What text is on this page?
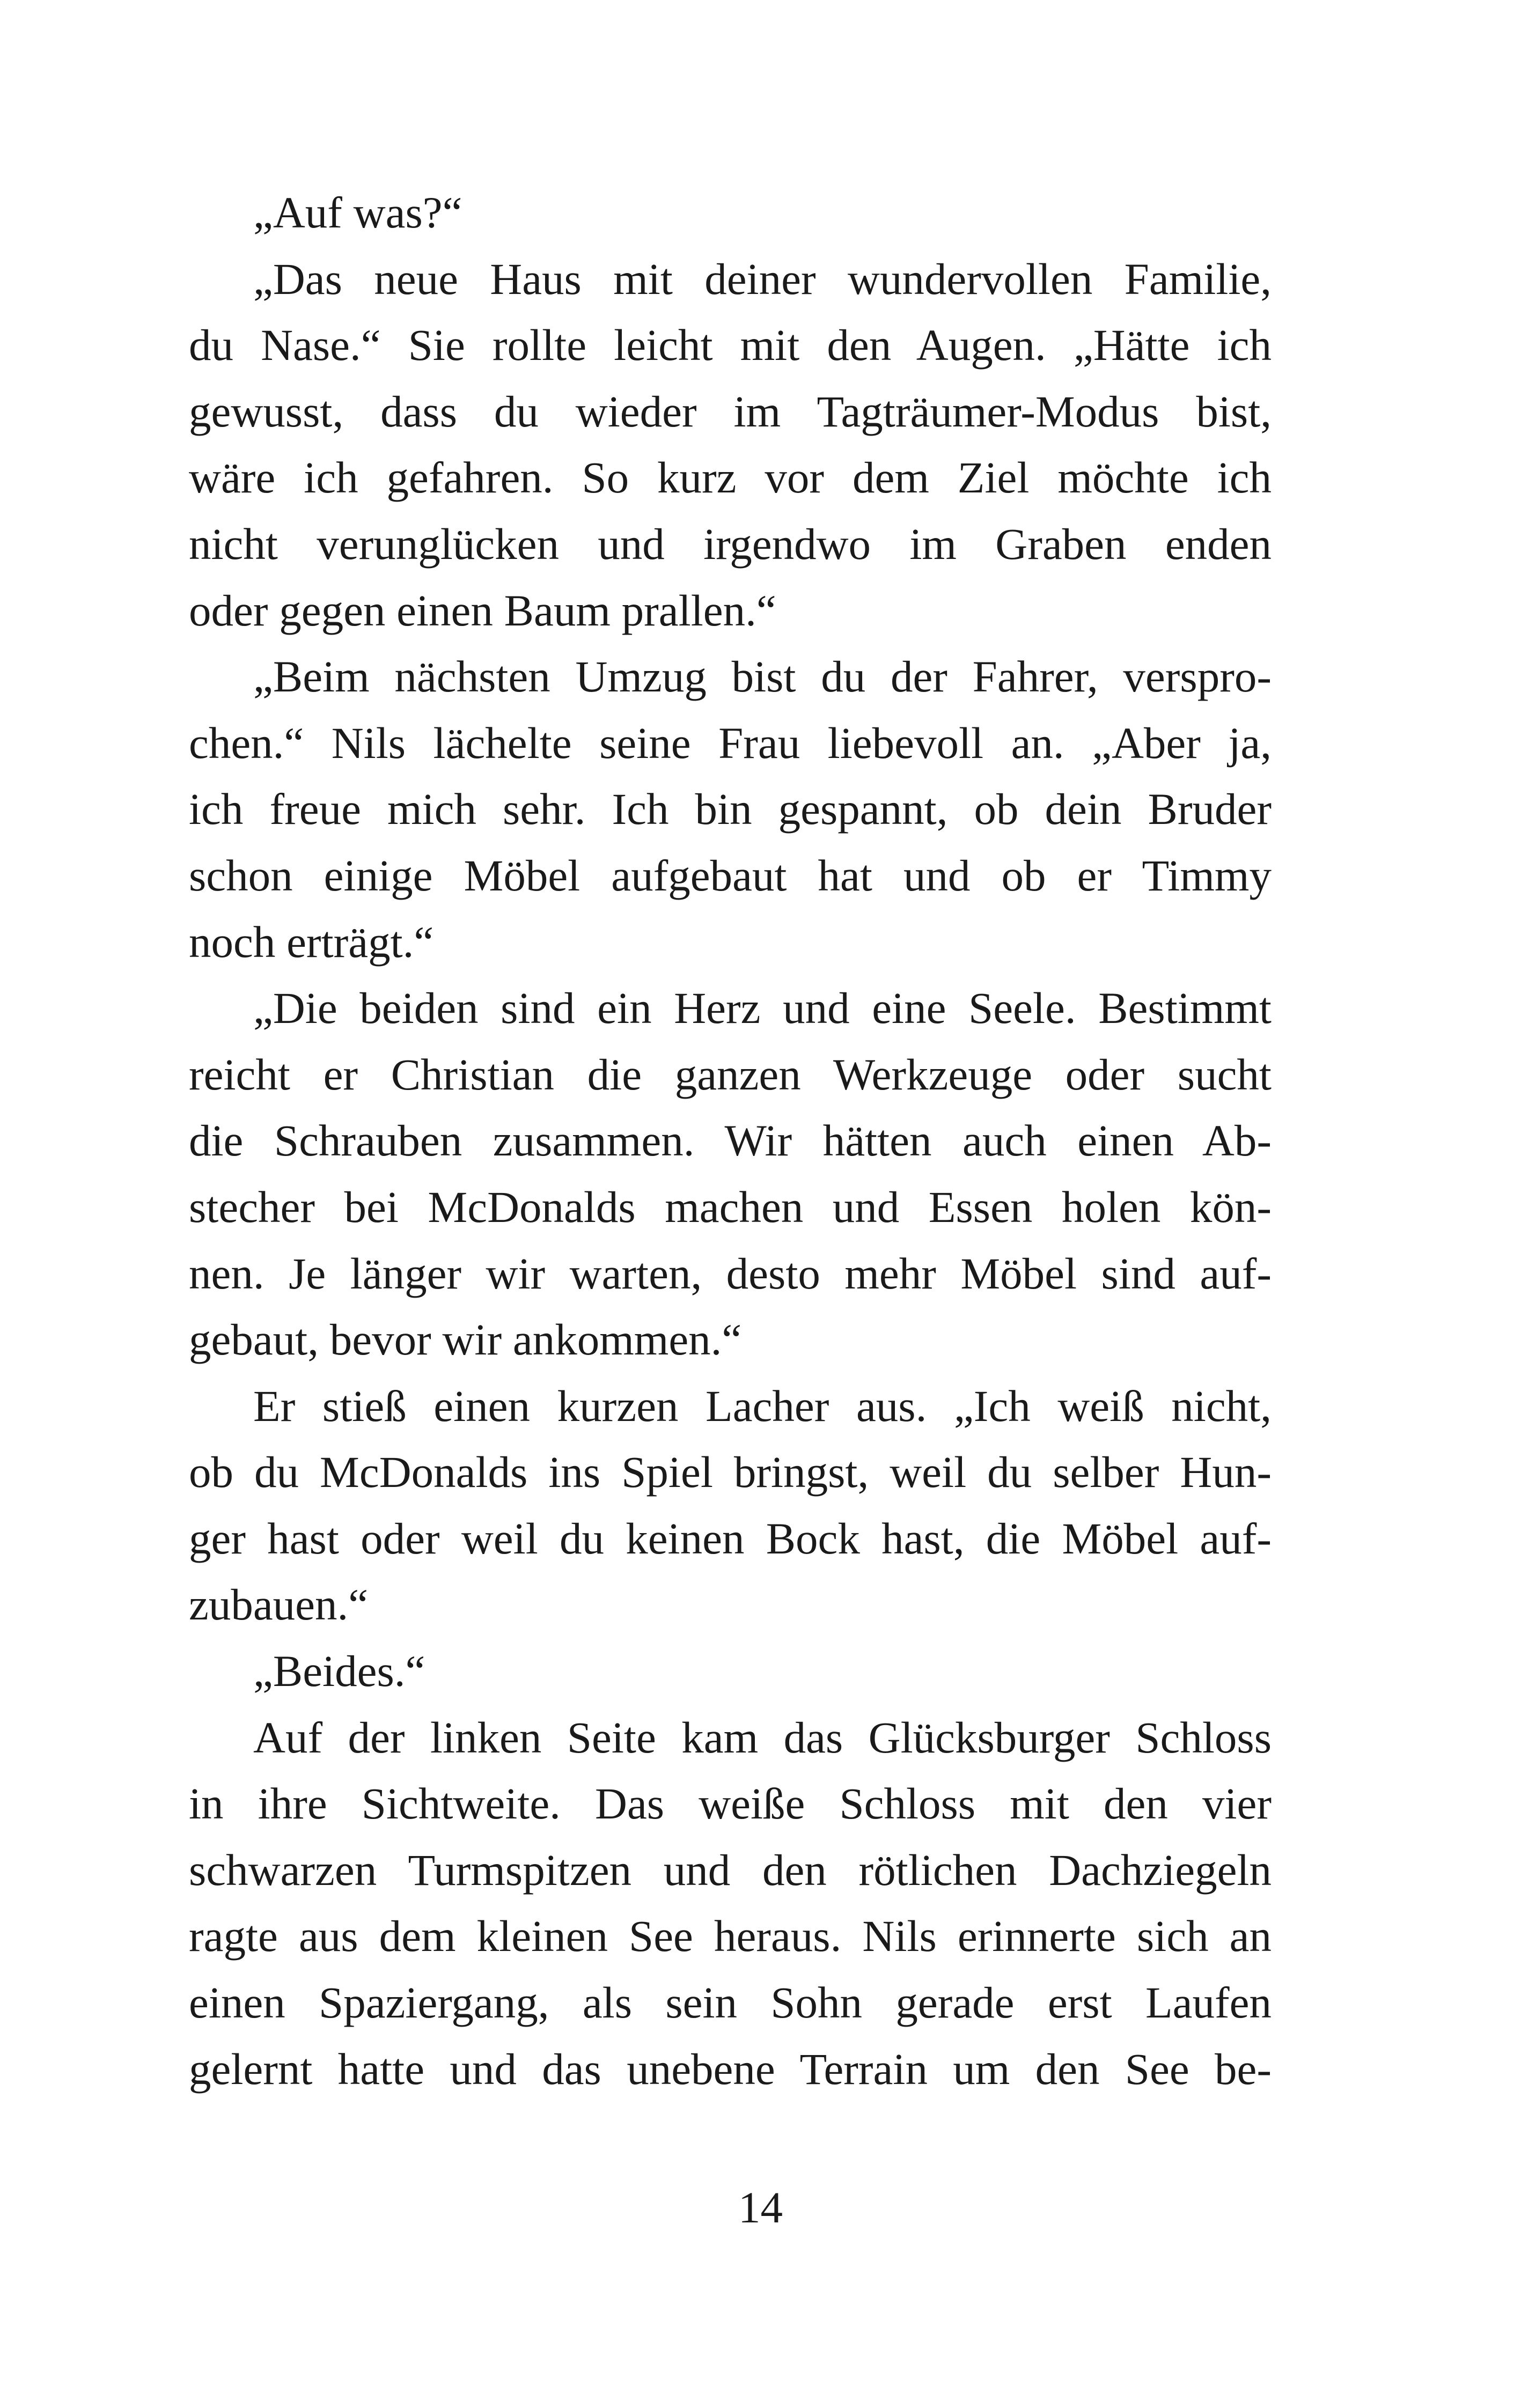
„Auf was?“
„Das neue Haus mit deiner wundervollen Familie,
du Nase.“ Sie rollte leicht mit den Augen. „Hätte ich
gewusst, dass du wieder im Tagträumer-Modus bist,
wäre ich gefahren. So kurz vor dem Ziel möchte ich
nicht verunglücken und irgendwo im Graben enden
oder gegen einen Baum prallen.“
„Beim nächsten Umzug bist du der Fahrer, verspro-
chen.“ Nils lächelte seine Frau liebevoll an. „Aber ja,
ich freue mich sehr. Ich bin gespannt, ob dein Bruder
schon einige Möbel aufgebaut hat und ob er Timmy
noch erträgt.“
„Die beiden sind ein Herz und eine Seele. Bestimmt
reicht er Christian die ganzen Werkzeuge oder sucht
die Schrauben zusammen. Wir hätten auch einen Ab-
stecher bei McDonalds machen und Essen holen kön-
nen. Je länger wir warten, desto mehr Möbel sind auf-
gebaut, bevor wir ankommen.“
Er stieß einen kurzen Lacher aus. „Ich weiß nicht,
ob du McDonalds ins Spiel bringst, weil du selber Hun-
ger hast oder weil du keinen Bock hast, die Möbel auf-
zubauen.“
„Beides.“
Auf der linken Seite kam das Glücksburger Schloss
in ihre Sichtweite. Das weiße Schloss mit den vier
schwarzen Turmspitzen und den rötlichen Dachziegeln
ragte aus dem kleinen See heraus. Nils erinnerte sich an
einen Spaziergang, als sein Sohn gerade erst Laufen
gelernt hatte und das unebene Terrain um den See be-
14
